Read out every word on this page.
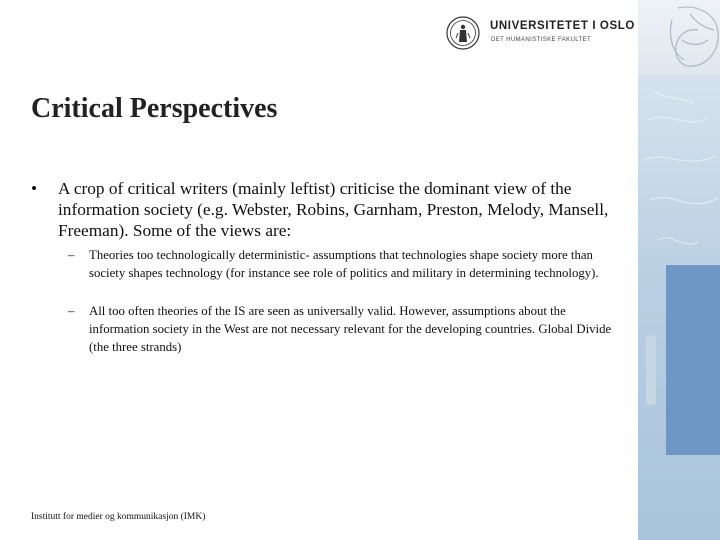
UNIVERSITETET I OSLO
DET HUMANISTISKE FAKULTET
Critical Perspectives
• A crop of critical writers (mainly leftist) criticise the dominant view of the information society (e.g. Webster, Robins, Garnham, Preston, Melody, Mansell, Freeman). Some of the views are:
– Theories too technologically deterministic- assumptions that technologies shape society more than society shapes technology (for instance see role of politics and military in determining technology).
– All too often theories of the IS are seen as universally valid. However, assumptions about the information society in the West are not necessary relevant for the developing countries. Global Divide (the three strands)
Institutt for medier og kommunikasjon (IMK)
